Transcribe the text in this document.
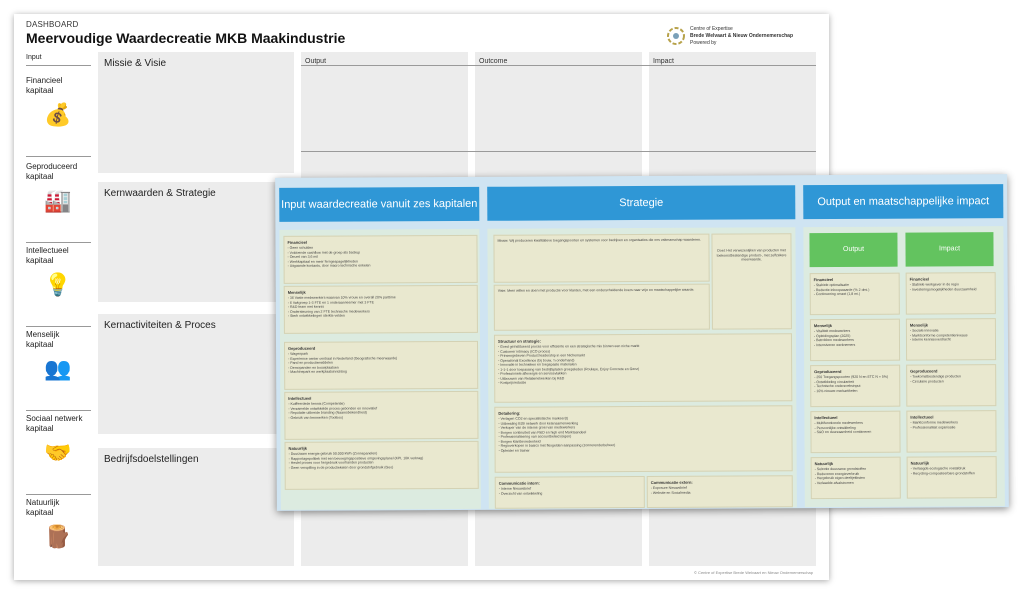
DASHBOARD
Meervoudige Waardecreatie MKB Maakindustrie
Centre of Expertise
Brede Welvaart & Nieuw Ondernemerschap
Powered by
Input
Financieel
kapitaal
💰
Geproduceerd
kapitaal
🏭
Intellectueel
kapitaal
💡
Menselijk
kapitaal
👥
Sociaal netwerk
kapitaal
🤝
Natuurlijk
kapitaal
🪵
Missie & Visie
Kernwaarden & Strategie
Kernactiviteiten & Proces
Bedrijfsdoelstellingen
Output	Outcome	Impact
© Centre of Expertise Brede Welvaart en Nieuw Ondernemerschap
Input waardecreatie vanuit zes kapitalen	Strategie	Output en maatschappelijke impact
Financieel
- Geen schulden
- Voldoende cashflow met de groep als backup
- Omzet van 3,6 mil
- Werkkapitaal en meer ferngespagelijkheden
- Uitgaande kontants, door macro technische enkelen
Menselijk
- 36 Vaste medewerkers waarvan 10% vrouw en overall 20% parttime
- 6 Vakgroep 1-3 FTE en 1 onderaanneemer met 3 FTE
- R&D team met kennis
- Ondersteuning van 2 FTE technische medewerkers
- Sterk ontwikkelingen sterkte velden
Geproduceerd
- Wagenpark
- Experience center centraal in Nederland (Geografische meerwaarde)
- Pand en productiemiddelen
- Demopanden en bouwplaatsen
- Machinepark en werkplaatsinrichting
Intellectueel
- Kuiffeerdede kennis (Competentie)
- Verzamelde ontwikkelde proces gebonden en innovatief
- Reputatie uitbreide branding (Naamsbekendheid)
- Gebruik van kenmerken (Toolbox)
Natuurlijk
- Duurzaam energie gebruik 50.000 kWh (Zonnepanelen)
- Rapportagepolitiek met een bevoegingspositieve omgevingsplanel (KPI, 10K verkrag)
- Hestel proces voor hergebruik voorhanden producten
- Geen verspilling in de productieketen door grondstofgebruik (Geo)
Missie: Wij produceren kwalitatieve toegangspoorten en systemen voor bedrijven en organisaties die ons vakmanschap waarderen.
Visie: Meer willen en doen met productie voor klanten, met een onderscheidende koers naar vrije en maatschappelijke waarde.
Doel: Het verwezenlijken van producten met toekomstbestendige product-, met zelfzekere meerwaarde.
Structuur en strategie:
- Goed geïnstitueerd proces voor efficiënte en een strategische mix binnen een niche markt
- Customer intimacy (ICO proces)
- Prinsengebeven Product leadership in een Nichemarkt
- Operational Excellence (bij bouw, 'n onderhand)
- Innovatie in technieken en toegepaste materialen
- 1-1-1 door toepassing van bedrijfsplaten groepsleden (Roulaye, Enjoy Concrete en Genz)
- Professionele aflevergie en servicevlakken
- Uitbouwen van Relatienetwerken bij R&D
- Kostprijsreductie
Detailering:
- Verlagen CO2 en specialistische markeer(t)
- Uitbreiding B2B netwerk door ketensamenwerking
- Verkoper van de interne groei van medewerkers
- Borgen continuïteit van R&D en high end Marktaandeel
- Professionalisering van accountbeleid (eigen)
- Borgen klanttevredenheid
- Regioverkopen in basics met flexgelden aanpassing (zonnerenderbeheer)
- Opleider en trainer
Communicatie intern:
- Interne Nieuwsbrief
- Overzicht van ontwikkeling
Communicatie extern:
- Exposure Nieuwsbrief
- Website en Socialmedia
Output	Impact
Financieel
- Stabiele optimalisatie
- Reductie inkoopwaarde (% 2 dmi.)
- Continuering omzet (1,8 mi.)
Menselijk
- Vitaliteit medewerkers
- Opleidingsplan (2025)
- Betrokken medewerkers
- Intensiveren werknemers
Geproduceerd
- 250 Toegangspoorten (920 N en ETC N = 5%)
- Ontwikkeling circulariteit
- Technische onderzoeksinput
- 10% nieuwe merkartikelen
Intellectueel
- Multifunctionele medewerkers
- Persoonlijke ontwikkeling
- S&O en duurzaamheid combineren
Natuurlijk
- Selectie duurzame grondstoffen
- Reduceren energieverbruik
- Hergebruik eigen deeltjekksten
- Verlaadde afvalstromen
Financieel
- Stabiele werkgever in de regio
- Investeringsmogelijkheden duurzaamheid
Menselijk
- Sociale innovatie
- Marktconforme competentieniveaus
- Interne kennisoverdracht
Geproduceerd
- Toekomstbestendige producten
- Circulaire producten
Intellectueel
- Marktconforme medewerkers
- Professionaliteit organisatie
Natuurlijk
- Verlaagde ecologische voetafdruk
- Recycling-composteerbare grondstoffen
